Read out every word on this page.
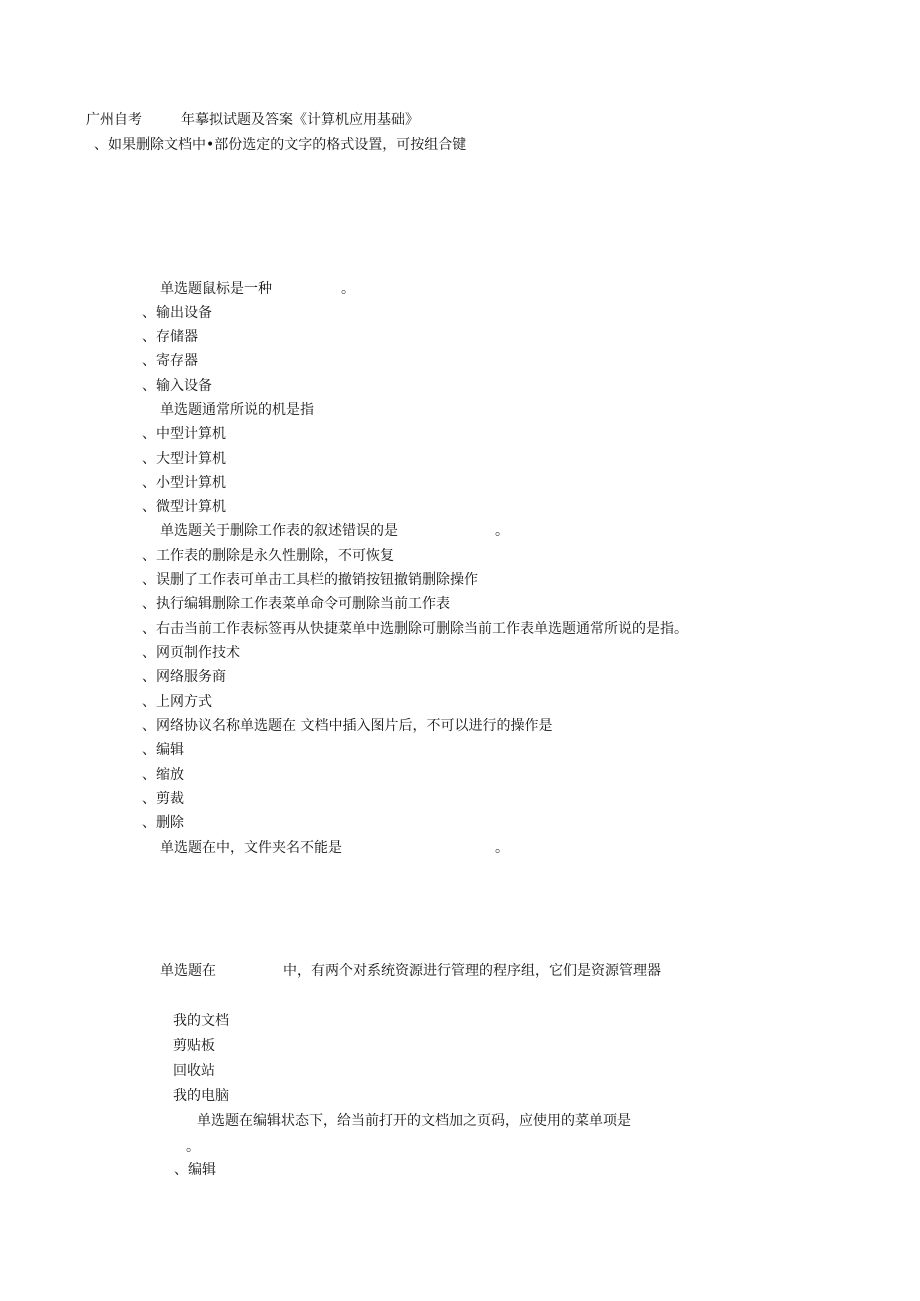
广州自考	年摹拟试题及答案《计算机应用基础》
、如果删除文档中•部份选定的文字的格式设置，可按组合键
单选题鼠标是一种	。
、输出设备
、存储器
、寄存器
、输入设备
单选题通常所说的机是指
、中型计算机
、大型计算机
、小型计算机
、微型计算机
单选题关于删除工作表的叙述错误的是	。
、工作表的删除是永久性删除，不可恢复
、误删了工作表可单击工具栏的撤销按钮撤销删除操作
、执行编辑删除工作表菜单命令可删除当前工作表
、右击当前工作表标签再从快捷菜单中选删除可删除当前工作表单选题通常所说的是指。
、网页制作技术
、网络服务商
、上网方式
、网络协议名称单选题在 文档中插入图片后，不可以进行的操作是
、编辑
、缩放
、剪裁
、删除
单选题在中，文件夹名不能是	。
单选题在	中，有两个对系统资源进行管理的程序组，它们是资源管理器
我的文档
剪贴板
回收站
我的电脑
单选题在编辑状态下，给当前打开的文档加之页码，应使用的菜单项是
。
、编辑
